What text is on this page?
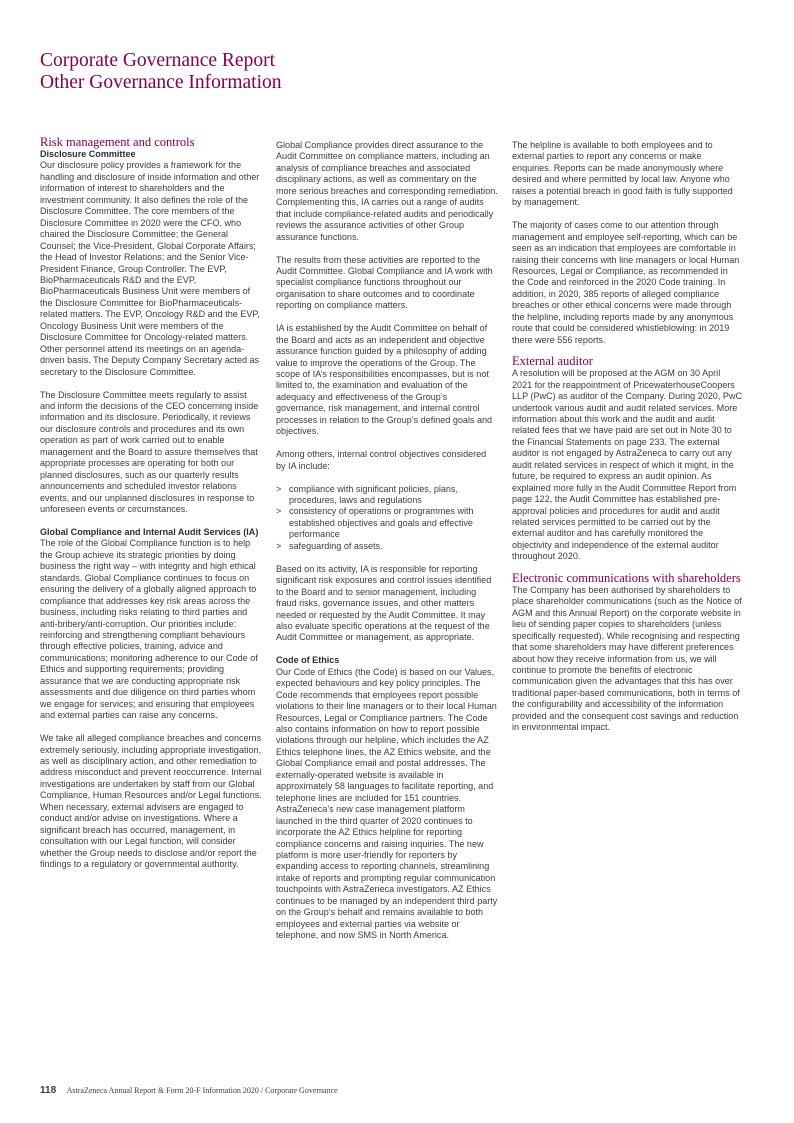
Corporate Governance Report
Other Governance Information
Risk management and controls
Disclosure Committee

Our disclosure policy provides a framework for the handling and disclosure of inside information and other information of interest to shareholders and the investment community. It also defines the role of the Disclosure Committee. The core members of the Disclosure Committee in 2020 were the CFO, who chaired the Disclosure Committee; the General Counsel; the Vice-President, Global Corporate Affairs; the Head of Investor Relations; and the Senior Vice-President Finance, Group Controller. The EVP, BioPharmaceuticals R&D and the EVP, BioPharmaceuticals Business Unit were members of the Disclosure Committee for BioPharmaceuticals-related matters. The EVP, Oncology R&D and the EVP, Oncology Business Unit were members of the Disclosure Committee for Oncology-related matters. Other personnel attend its meetings on an agenda-driven basis. The Deputy Company Secretary acted as secretary to the Disclosure Committee.

The Disclosure Committee meets regularly to assist and inform the decisions of the CEO concerning inside information and its disclosure. Periodically, it reviews our disclosure controls and procedures and its own operation as part of work carried out to enable management and the Board to assure themselves that appropriate processes are operating for both our planned disclosures, such as our quarterly results announcements and scheduled investor relations events, and our unplanned disclosures in response to unforeseen events or circumstances.

Global Compliance and Internal Audit Services (IA)

The role of the Global Compliance function is to help the Group achieve its strategic priorities by doing business the right way – with integrity and high ethical standards. Global Compliance continues to focus on ensuring the delivery of a globally aligned approach to compliance that addresses key risk areas across the business, including risks relating to third parties and anti-bribery/anti-corruption. Our priorities include: reinforcing and strengthening compliant behaviours through effective policies, training, advice and communications; monitoring adherence to our Code of Ethics and supporting requirements; providing assurance that we are conducting appropriate risk assessments and due diligence on third parties whom we engage for services; and ensuring that employees and external parties can raise any concerns.

We take all alleged compliance breaches and concerns extremely seriously, including appropriate investigation, as well as disciplinary action, and other remediation to address misconduct and prevent reoccurrence. Internal investigations are undertaken by staff from our Global Compliance, Human Resources and/or Legal functions. When necessary, external advisers are engaged to conduct and/or advise on investigations. Where a significant breach has occurred, management, in consultation with our Legal function, will consider whether the Group needs to disclose and/or report the findings to a regulatory or governmental authority.

Global Compliance provides direct assurance to the Audit Committee on compliance matters, including an analysis of compliance breaches and associated disciplinary actions, as well as commentary on the more serious breaches and corresponding remediation. Complementing this, IA carries out a range of audits that include compliance-related audits and periodically reviews the assurance activities of other Group assurance functions.

The results from these activities are reported to the Audit Committee. Global Compliance and IA work with specialist compliance functions throughout our organisation to share outcomes and to coordinate reporting on compliance matters.

IA is established by the Audit Committee on behalf of the Board and acts as an independent and objective assurance function guided by a philosophy of adding value to improve the operations of the Group. The scope of IA’s responsibilities encompasses, but is not limited to, the examination and evaluation of the adequacy and effectiveness of the Group’s governance, risk management, and internal control processes in relation to the Group’s defined goals and objectives.

Among others, internal control objectives considered by IA include:

> compliance with significant policies, plans, procedures, laws and regulations
> consistency of operations or programmes with established objectives and goals and effective performance
> safeguarding of assets.

Based on its activity, IA is responsible for reporting significant risk exposures and control issues identified to the Board and to senior management, including fraud risks, governance issues, and other matters needed or requested by the Audit Committee. It may also evaluate specific operations at the request of the Audit Committee or management, as appropriate.

Code of Ethics

Our Code of Ethics (the Code) is based on our Values, expected behaviours and key policy principles. The Code recommends that employees report possible violations to their line managers or to their local Human Resources, Legal or Compliance partners. The Code also contains information on how to report possible violations through our helpline, which includes the AZ Ethics telephone lines, the AZ Ethics website, and the Global Compliance email and postal addresses. The externally-operated website is available in approximately 58 languages to facilitate reporting, and telephone lines are included for 151 countries. AstraZeneca’s new case management platform launched in the third quarter of 2020 continues to incorporate the AZ Ethics helpline for reporting compliance concerns and raising inquiries. The new platform is more user-friendly for reporters by expanding access to reporting channels, streamlining intake of reports and prompting regular communication touchpoints with AstraZeneca investigators. AZ Ethics continues to be managed by an independent third party on the Group’s behalf and remains available to both employees and external parties via website or telephone, and now SMS in North America.

The helpline is available to both employees and to external parties to report any concerns or make enquiries. Reports can be made anonymously where desired and where permitted by local law. Anyone who raises a potential breach in good faith is fully supported by management.

The majority of cases come to our attention through management and employee self-reporting, which can be seen as an indication that employees are comfortable in raising their concerns with line managers or local Human Resources, Legal or Compliance, as recommended in the Code and reinforced in the 2020 Code training. In addition, in 2020, 385 reports of alleged compliance breaches or other ethical concerns were made through the helpline, including reports made by any anonymous route that could be considered whistleblowing: in 2019 there were 556 reports.

External auditor

A resolution will be proposed at the AGM on 30 April 2021 for the reappointment of PricewaterhouseCoopers LLP (PwC) as auditor of the Company. During 2020, PwC undertook various audit and audit related services. More information about this work and the audit and audit related fees that we have paid are set out in Note 30 to the Financial Statements on page 233. The external auditor is not engaged by AstraZeneca to carry out any audit related services in respect of which it might, in the future, be required to express an audit opinion. As explained more fully in the Audit Committee Report from page 122, the Audit Committee has established pre-approval policies and procedures for audit and audit related services permitted to be carried out by the external auditor and has carefully monitored the objectivity and independence of the external auditor throughout 2020.

Electronic communications with shareholders

The Company has been authorised by shareholders to place shareholder communications (such as the Notice of AGM and this Annual Report) on the corporate website in lieu of sending paper copies to shareholders (unless specifically requested). While recognising and respecting that some shareholders may have different preferences about how they receive information from us, we will continue to promote the benefits of electronic communication given the advantages that this has over traditional paper-based communications, both in terms of the configurability and accessibility of the information provided and the consequent cost savings and reduction in environmental impact.

118 AstraZeneca Annual Report & Form 20-F Information 2020 / Corporate Governance
